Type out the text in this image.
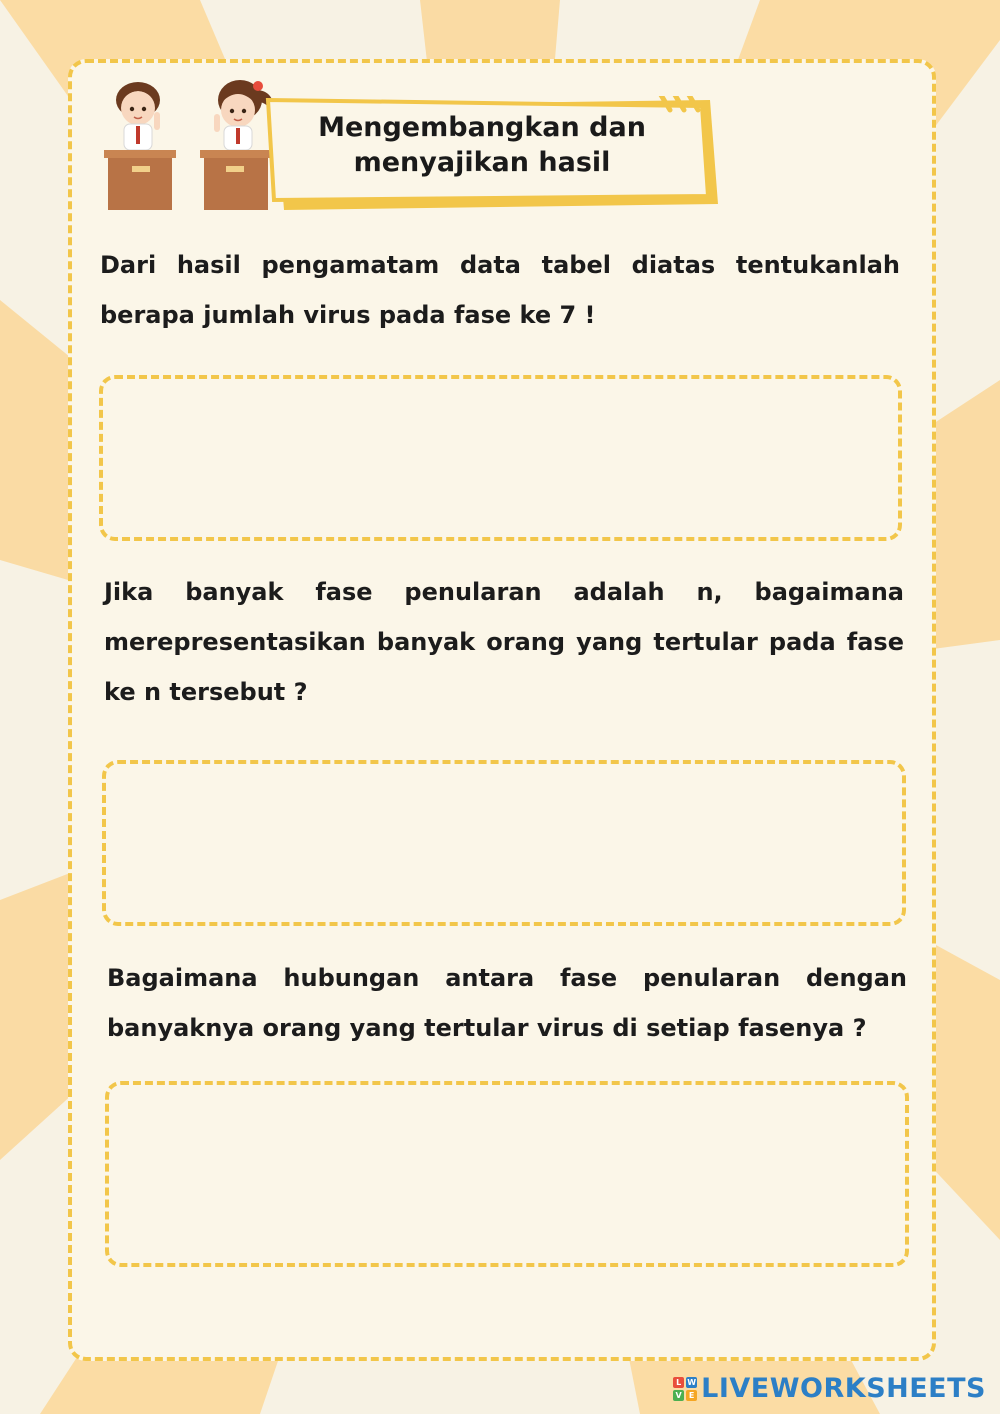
Mengembangkan dan
menyajikan hasil

Dari hasil pengamatam data tabel diatas tentukanlah berapa jumlah virus pada fase ke 7 !

Jika banyak fase penularan adalah n, bagaimana merepresentasikan banyak orang yang tertular pada fase ke n tersebut ?

Bagaimana hubungan antara fase penularan dengan banyaknya orang yang tertular virus di setiap fasenya ?

L W
V E LIVEWORKSHEETS
